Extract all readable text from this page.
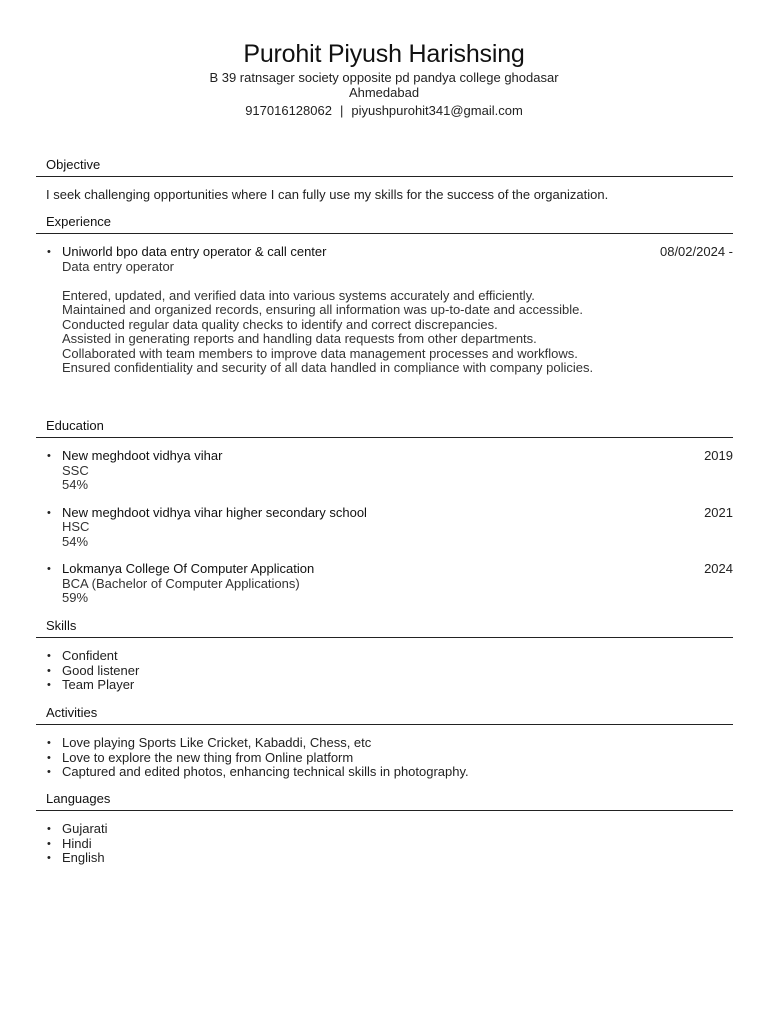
Purohit Piyush Harishsing
B 39 ratnsager society opposite pd pandya college ghodasar
Ahmedabad
917016128062 | piyushpurohit341@gmail.com
Objective
I seek challenging opportunities where I can fully use my skills for the success of the organization.
Experience
• Uniworld bpo data entry operator & call center	08/02/2024 -
Data entry operator
Entered, updated, and verified data into various systems accurately and efficiently.
Maintained and organized records, ensuring all information was up-to-date and accessible.
Conducted regular data quality checks to identify and correct discrepancies.
Assisted in generating reports and handling data requests from other departments.
Collaborated with team members to improve data management processes and workflows.
Ensured confidentiality and security of all data handled in compliance with company policies.
Education
• New meghdoot vidhya vihar	2019
SSC
54%
• New meghdoot vidhya vihar higher secondary school	2021
HSC
54%
• Lokmanya College Of Computer Application	2024
BCA (Bachelor of Computer Applications)
59%
Skills
• Confident
• Good listener
• Team Player
Activities
• Love playing Sports Like Cricket, Kabaddi, Chess, etc
• Love to explore the new thing from Online platform
• Captured and edited photos, enhancing technical skills in photography.
Languages
• Gujarati
• Hindi
• English
